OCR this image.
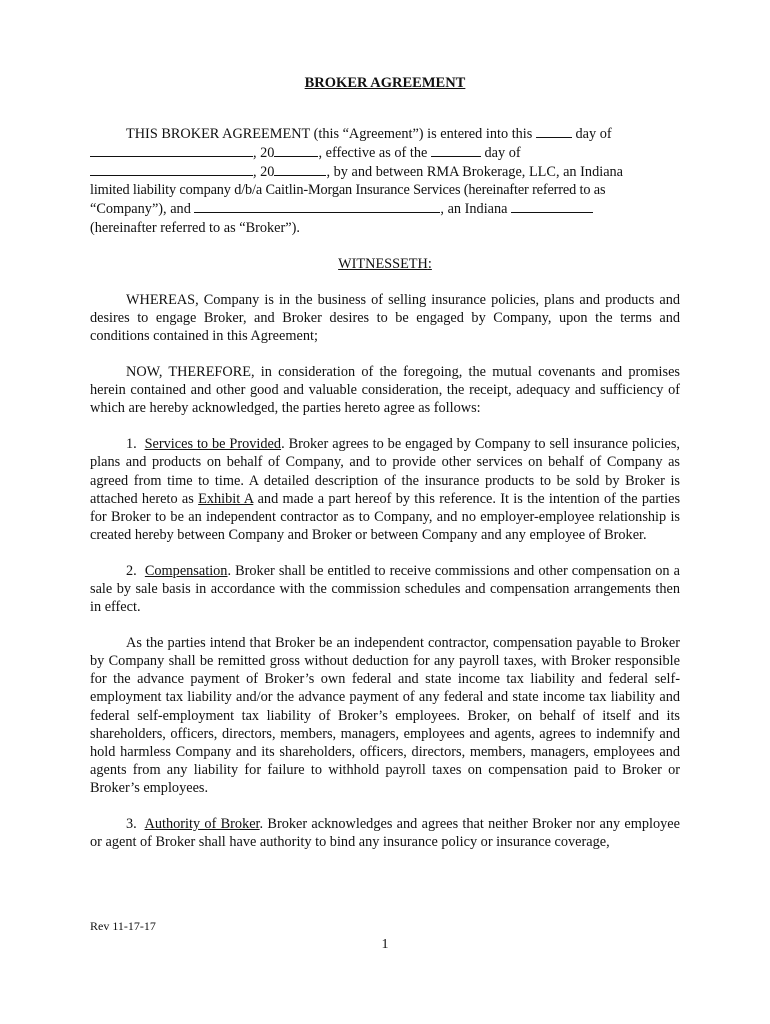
BROKER AGREEMENT

THIS BROKER AGREEMENT (this “Agreement”) is entered into this	day of
, 20	, effective as of the	day of
, 20	, by and between RMA Brokerage, LLC, an Indiana
limited liability company d/b/a Caitlin-Morgan Insurance Services (hereinafter referred to as
“Company”), and	, an Indiana
(hereinafter referred to as “Broker”).

WITNESSETH:

WHEREAS, Company is in the business of selling insurance policies, plans and products and desires to engage Broker, and Broker desires to be engaged by Company, upon the terms and conditions contained in this Agreement;

NOW, THEREFORE, in consideration of the foregoing, the mutual covenants and promises herein contained and other good and valuable consideration, the receipt, adequacy and sufficiency of which are hereby acknowledged, the parties hereto agree as follows:

1. Services to be Provided. Broker agrees to be engaged by Company to sell insurance policies, plans and products on behalf of Company, and to provide other services on behalf of Company as agreed from time to time. A detailed description of the insurance products to be sold by Broker is attached hereto as Exhibit A and made a part hereof by this reference. It is the intention of the parties for Broker to be an independent contractor as to Company, and no employer-employee relationship is created hereby between Company and Broker or between Company and any employee of Broker.

2. Compensation. Broker shall be entitled to receive commissions and other compensation on a sale by sale basis in accordance with the commission schedules and compensation arrangements then in effect.

As the parties intend that Broker be an independent contractor, compensation payable to Broker by Company shall be remitted gross without deduction for any payroll taxes, with Broker responsible for the advance payment of Broker’s own federal and state income tax liability and federal self-employment tax liability and/or the advance payment of any federal and state income tax liability and federal self-employment tax liability of Broker’s employees. Broker, on behalf of itself and its shareholders, officers, directors, members, managers, employees and agents, agrees to indemnify and hold harmless Company and its shareholders, officers, directors, members, managers, employees and agents from any liability for failure to withhold payroll taxes on compensation paid to Broker or Broker’s employees.

3. Authority of Broker. Broker acknowledges and agrees that neither Broker nor any employee or agent of Broker shall have authority to bind any insurance policy or insurance coverage,

Rev 11-17-17
1
